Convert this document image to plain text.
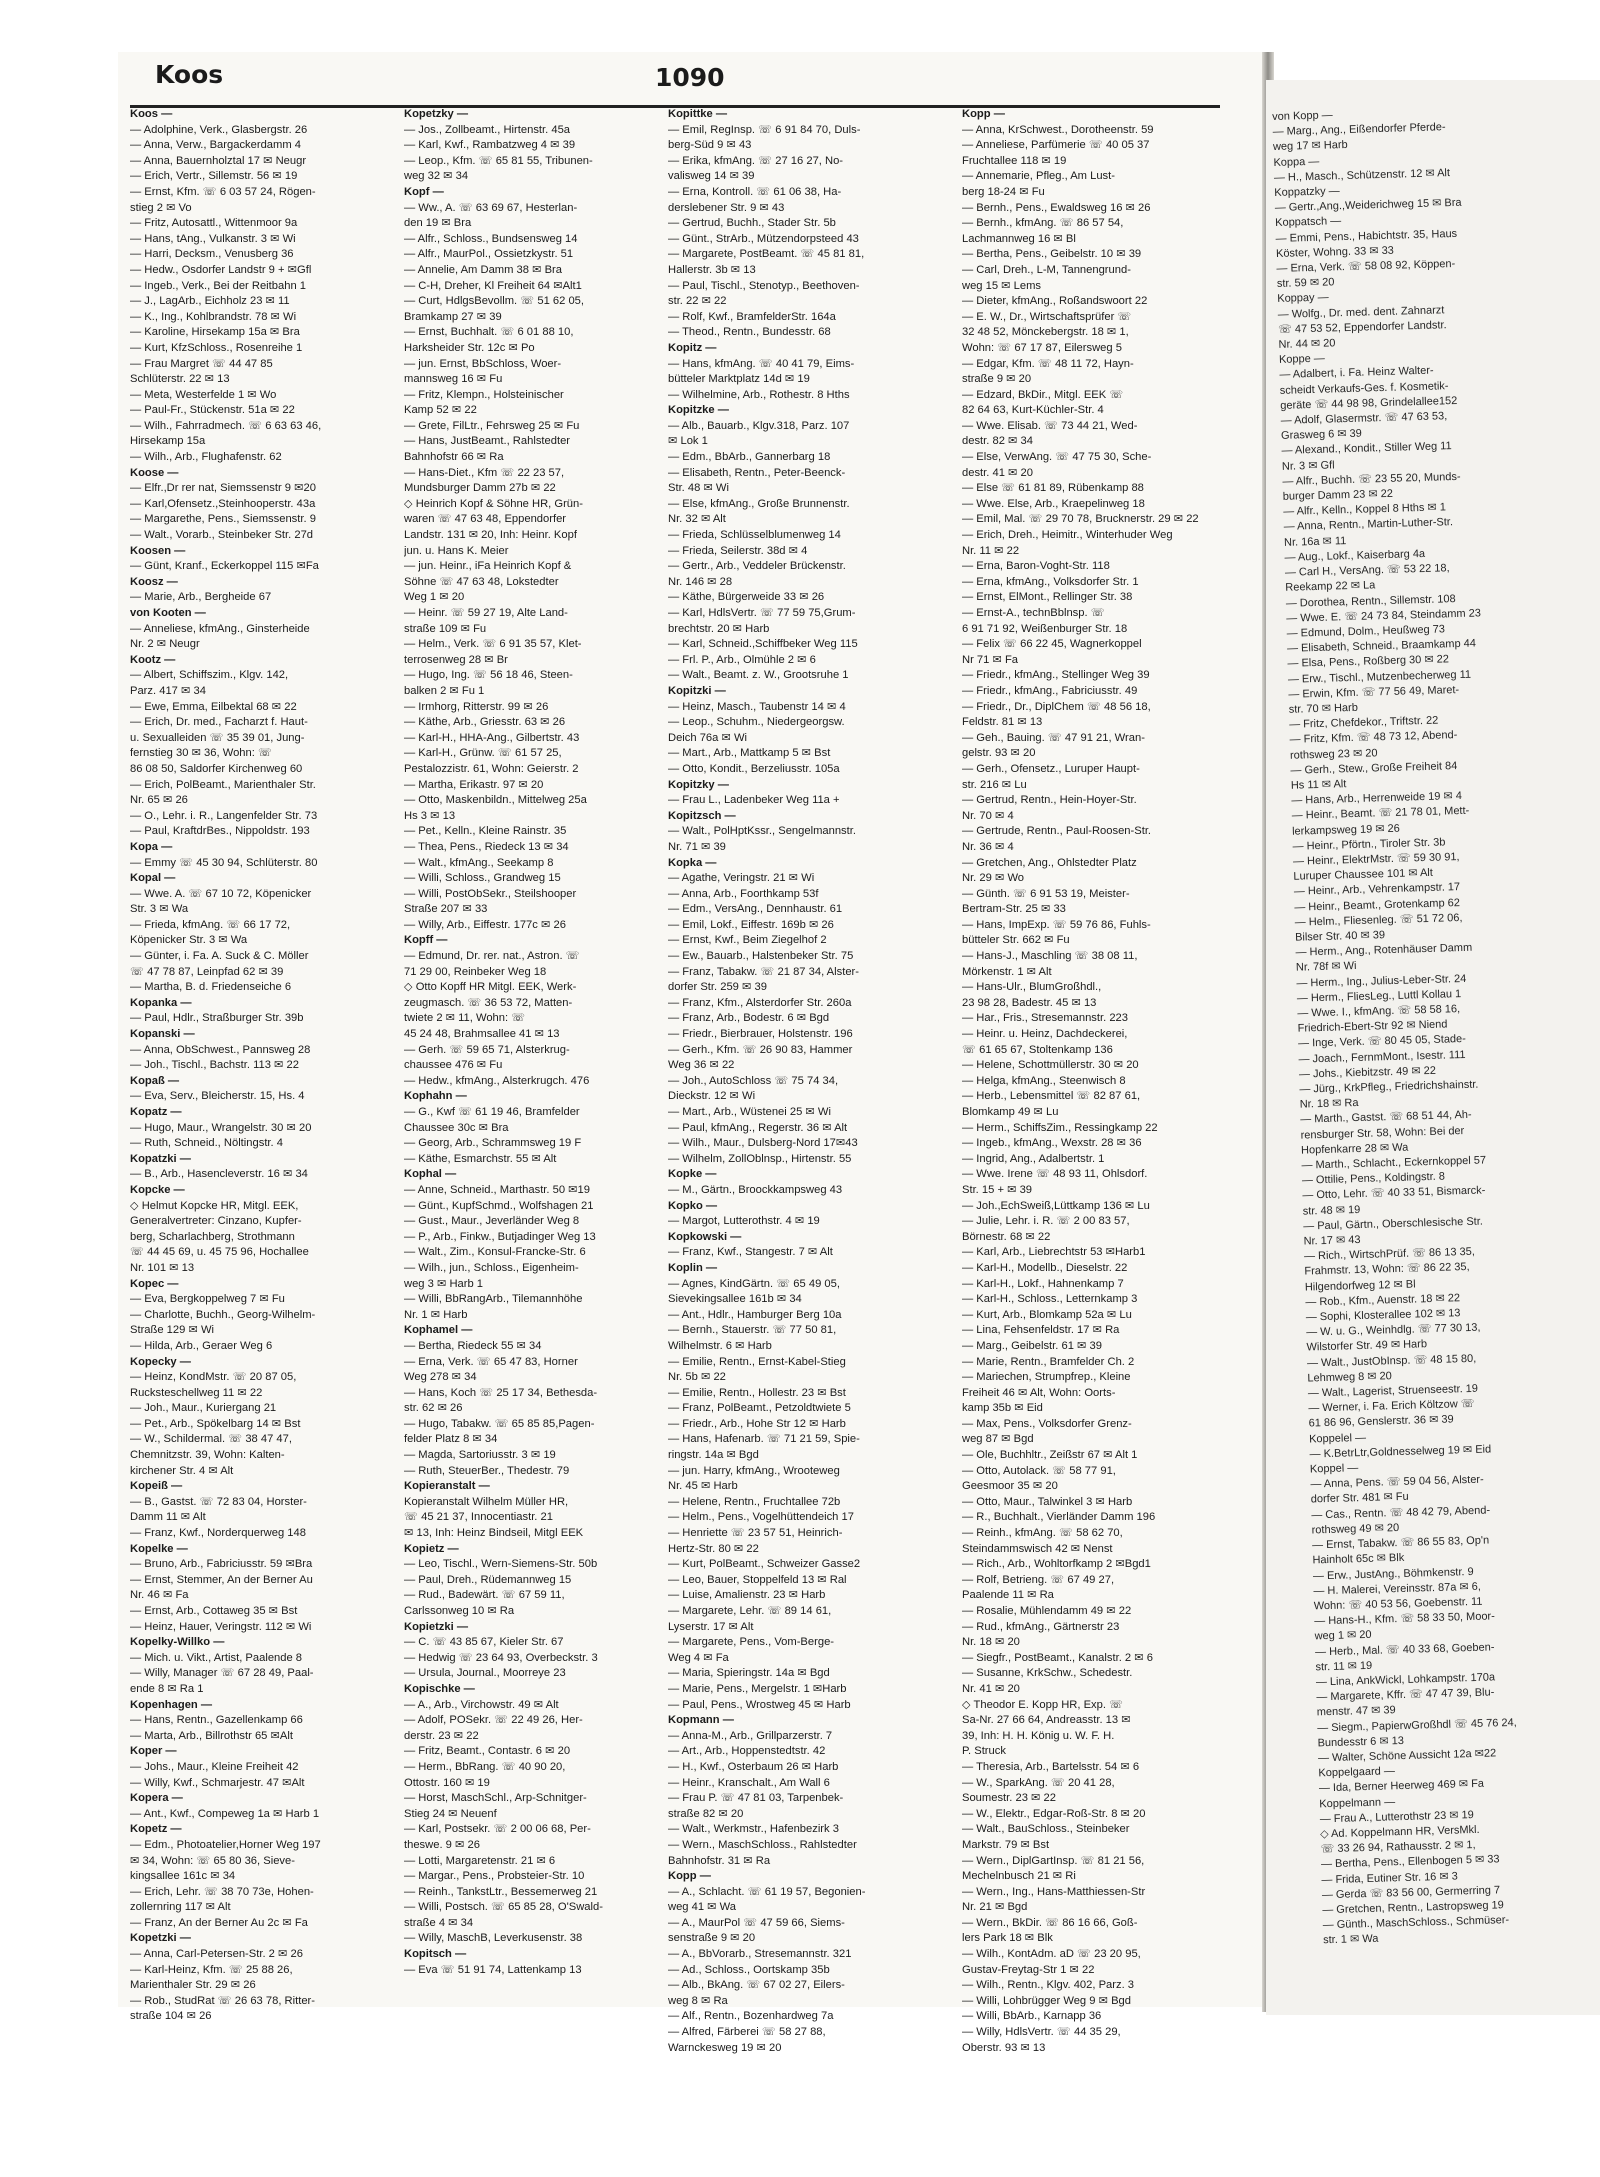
von Kopp —
— Marg., Ang., Eißendorfer Pferde-
weg 17 ✉ Harb
Koppa —
— H., Masch., Schützenstr. 12 ✉ Alt
Koppatzky —
— Gertr.,Ang.,Weiderichweg 15 ✉ Bra
Koppatsch —
— Emmi, Pens., Habichtstr. 35, Haus
Köster, Wohng. 33 ✉ 33
— Erna, Verk. ☏ 58 08 92, Köppen-
str. 59 ✉ 20
Koppay —
— Wolfg., Dr. med. dent. Zahnarzt
☏ 47 53 52, Eppendorfer Landstr.
Nr. 44 ✉ 20
Koppe —
— Adalbert, i. Fa. Heinz Walter-
scheidt Verkaufs-Ges. f. Kosmetik-
geräte ☏ 44 98 98, Grindelallee152
— Adolf, Glasermstr. ☏ 47 63 53,
Grasweg 6 ✉ 39
— Alexand., Kondit., Stiller Weg 11
Nr. 3 ✉ Gfl
— Alfr., Buchh. ☏ 23 55 20, Munds-
burger Damm 23 ✉ 22
— Alfr., Kelln., Koppel 8 Hths ✉ 1
— Anna, Rentn., Martin-Luther-Str.
Nr. 16a ✉ 11
— Aug., Lokf., Kaiserbarg 4a
— Carl H., VersAng. ☏ 53 22 18,
Reekamp 22 ✉ La
— Dorothea, Rentn., Sillemstr. 108
— Wwe. E. ☏ 24 73 84, Steindamm 23
— Edmund, Dolm., Heußweg 73
— Elisabeth, Schneid., Braamkamp 44
— Elsa, Pens., Roßberg 30 ✉ 22
— Erw., Tischl., Mutzenbecherweg 11
— Erwin, Kfm. ☏ 77 56 49, Maret-
str. 70 ✉ Harb
— Fritz, Chefdekor., Triftstr. 22
— Fritz, Kfm. ☏ 48 73 12, Abend-
rothsweg 23 ✉ 20
— Gerh., Stew., Große Freiheit 84
Hs 11 ✉ Alt
— Hans, Arb., Herrenweide 19 ✉ 4
— Heinr., Beamt. ☏ 21 78 01, Mett-
lerkampsweg 19 ✉ 26
— Heinr., Pförtn., Tiroler Str. 3b
— Heinr., ElektrMstr. ☏ 59 30 91,
Luruper Chaussee 101 ✉ Alt
— Heinr., Arb., Vehrenkampstr. 17
— Heinr., Beamt., Grotenkamp 62
— Helm., Fliesenleg. ☏ 51 72 06,
Bilser Str. 40 ✉ 39
— Herm., Ang., Rotenhäuser Damm
Nr. 78f ✉ Wi
— Herm., Ing., Julius-Leber-Str. 24
— Herm., FliesLeg., Luttl Kollau 1
— Wwe. I., kfmAng. ☏ 58 58 16,
Friedrich-Ebert-Str 92 ✉ Niend
— Inge, Verk. ☏ 80 45 05, Stade-
— Joach., FernmMont., Isestr. 111
— Johs., Kiebitzstr. 49 ✉ 22
— Jürg., KrkPfleg., Friedrichshainstr.
Nr. 18 ✉ Ra
— Marth., Gastst. ☏ 68 51 44, Ah-
rensburger Str. 58, Wohn: Bei der
Hopfenkarre 28 ✉ Wa
— Marth., Schlacht., Eckernkoppel 57
— Ottilie, Pens., Koldingstr. 8
— Otto, Lehr. ☏ 40 33 51, Bismarck-
str. 48 ✉ 19
— Paul, Gärtn., Oberschlesische Str.
Nr. 17 ✉ 43
— Rich., WirtschPrüf. ☏ 86 13 35,
Frahmstr. 13, Wohn: ☏ 86 22 35,
Hilgendorfweg 12 ✉ Bl
— Rob., Kfm., Auenstr. 18 ✉ 22
— Sophi, Klosterallee 102 ✉ 13
— W. u. G., Weinhdlg. ☏ 77 30 13,
Wilstorfer Str. 49 ✉ Harb
— Walt., JustObInsp. ☏ 48 15 80,
Lehmweg 8 ✉ 20
— Walt., Lagerist, Struenseestr. 19
— Werner, i. Fa. Erich Költzow ☏
61 86 96, Genslerstr. 36 ✉ 39
Koppelel —
— K.BetrLtr,Goldnesselweg 19 ✉ Eid
Koppel —
— Anna, Pens. ☏ 59 04 56, Alster-
dorfer Str. 481 ✉ Fu
— Cas., Rentn. ☏ 48 42 79, Abend-
rothsweg 49 ✉ 20
— Ernst, Tabakw. ☏ 86 55 83, Op'n
Hainholt 65c ✉ Blk
— Erw., JustAng., Böhmkenstr. 9
— H. Malerei, Vereinsstr. 87a ✉ 6,
Wohn: ☏ 40 53 56, Goebenstr. 11
— Hans-H., Kfm. ☏ 58 33 50, Moor-
weg 1 ✉ 20
— Herb., Mal. ☏ 40 33 68, Goeben-
str. 11 ✉ 19
— Lina, AnkWickl, Lohkampstr. 170a
— Margarete, Kffr. ☏ 47 47 39, Blu-
menstr. 47 ✉ 39
— Siegm., PapierwGroßhdl ☏ 45 76 24,
Bundesstr 6 ✉ 13
— Walter, Schöne Aussicht 12a ✉22
Koppelgaard —
— Ida, Berner Heerweg 469 ✉ Fa
Koppelmann —
— Frau A., Lutterothstr 23 ✉ 19
◇ Ad. Koppelmann HR, VersMkl.
☏ 33 26 94, Rathausstr. 2 ✉ 1,
— Bertha, Pens., Ellenbogen 5 ✉ 33
— Frida, Eutiner Str. 16 ✉ 3
— Gerda ☏ 83 56 00, Germerring 7
— Gretchen, Rentn., Lastropsweg 19
— Günth., MaschSchloss., Schmüser-
str. 1 ✉ Wa
Koos	1090
Koos —
— Adolphine, Verk., Glasbergstr. 26
— Anna, Verw., Bargackerdamm 4
— Anna, Bauernholztal 17 ✉ Neugr
— Erich, Vertr., Sillemstr. 56 ✉ 19
— Ernst, Kfm. ☏ 6 03 57 24, Rögen-
stieg 2 ✉ Vo
— Fritz, Autosattl., Wittenmoor 9a
— Hans, tAng., Vulkanstr. 3 ✉ Wi
— Harri, Decksm., Venusberg 36
— Hedw., Osdorfer Landstr 9 + ✉Gfl
— Ingeb., Verk., Bei der Reitbahn 1
— J., LagArb., Eichholz 23 ✉ 11
— K., Ing., Kohlbrandstr. 78 ✉ Wi
— Karoline, Hirsekamp 15a ✉ Bra
— Kurt, KfzSchloss., Rosenreihe 1
— Frau Margret ☏ 44 47 85
Schlüterstr. 22 ✉ 13
— Meta, Westerfelde 1 ✉ Wo
— Paul-Fr., Stückenstr. 51a ✉ 22
— Wilh., Fahrradmech. ☏ 6 63 63 46,
Hirsekamp 15a
— Wilh., Arb., Flughafenstr. 62
Koose —
— Elfr.,Dr rer nat, Siemssenstr 9 ✉20
— Karl,Ofensetz.,Steinhooperstr. 43a
— Margarethe, Pens., Siemssenstr. 9
— Walt., Vorarb., Steinbeker Str. 27d
Koosen —
— Günt, Kranf., Eckerkoppel 115 ✉Fa
Koosz —
— Marie, Arb., Bergheide 67
von Kooten —
— Anneliese, kfmAng., Ginsterheide
Nr. 2 ✉ Neugr
Kootz —
— Albert, Schiffszim., Klgv. 142,
Parz. 417 ✉ 34
— Ewe, Emma, Eilbektal 68 ✉ 22
— Erich, Dr. med., Facharzt f. Haut-
u. Sexualleiden ☏ 35 39 01, Jung-
fernstieg 30 ✉ 36, Wohn: ☏
86 08 50, Saldorfer Kirchenweg 60
— Erich, PolBeamt., Marienthaler Str.
Nr. 65 ✉ 26
— O., Lehr. i. R., Langenfelder Str. 73
— Paul, KraftdrBes., Nippoldstr. 193
Kopa —
— Emmy ☏ 45 30 94, Schlüterstr. 80
Kopal —
— Wwe. A. ☏ 67 10 72, Köpenicker
Str. 3 ✉ Wa
— Frieda, kfmAng. ☏ 66 17 72,
Köpenicker Str. 3 ✉ Wa
— Günter, i. Fa. A. Suck & C. Möller
☏ 47 78 87, Leinpfad 62 ✉ 39
— Martha, B. d. Friedenseiche 6
Kopanka —
— Paul, Hdlr., Straßburger Str. 39b
Kopanski —
— Anna, ObSchwest., Pannsweg 28
— Joh., Tischl., Bachstr. 113 ✉ 22
Kopaß —
— Eva, Serv., Bleicherstr. 15, Hs. 4
Kopatz —
— Hugo, Maur., Wrangelstr. 30 ✉ 20
— Ruth, Schneid., Nöltingstr. 4
Kopatzki —
— B., Arb., Hasencleverstr. 16 ✉ 34
Kopcke —
◇ Helmut Kopcke HR, Mitgl. EEK,
Generalvertreter: Cinzano, Kupfer-
berg, Scharlachberg, Strothmann
☏ 44 45 69, u. 45 75 96, Hochallee
Nr. 101 ✉ 13
Kopec —
— Eva, Bergkoppelweg 7 ✉ Fu
— Charlotte, Buchh., Georg-Wilhelm-
Straße 129 ✉ Wi
— Hilda, Arb., Geraer Weg 6
Kopecky —
— Heinz, KondMstr. ☏ 20 87 05,
Rucksteschellweg 11 ✉ 22
— Joh., Maur., Kuriergang 21
— Pet., Arb., Spökelbarg 14 ✉ Bst
— W., Schildermal. ☏ 38 47 47,
Chemnitzstr. 39, Wohn: Kalten-
kirchener Str. 4 ✉ Alt
Kopeiß —
— B., Gastst. ☏ 72 83 04, Horster-
Damm 11 ✉ Alt
— Franz, Kwf., Norderquerweg 148
Kopelke —
— Bruno, Arb., Fabriciusstr. 59 ✉Bra
— Ernst, Stemmer, An der Berner Au
Nr. 46 ✉ Fa
— Ernst, Arb., Cottaweg 35 ✉ Bst
— Heinz, Hauer, Veringstr. 112 ✉ Wi
Kopelky-Willko —
— Mich. u. Vikt., Artist, Paalende 8
— Willy, Manager ☏ 67 28 49, Paal-
ende 8 ✉ Ra 1
Kopenhagen —
— Hans, Rentn., Gazellenkamp 66
— Marta, Arb., Billrothstr 65 ✉Alt
Koper —
— Johs., Maur., Kleine Freiheit 42
— Willy, Kwf., Schmarjestr. 47 ✉Alt
Kopera —
— Ant., Kwf., Compeweg 1a ✉ Harb 1
Kopetz —
— Edm., Photoatelier,Horner Weg 197
✉ 34, Wohn: ☏ 65 80 36, Sieve-
kingsallee 161c ✉ 34
— Erich, Lehr. ☏ 38 70 73e, Hohen-
zollernring 117 ✉ Alt
— Franz, An der Berner Au 2c ✉ Fa
Kopetzki —
— Anna, Carl-Petersen-Str. 2 ✉ 26
— Karl-Heinz, Kfm. ☏ 25 88 26,
Marienthaler Str. 29 ✉ 26
— Rob., StudRat ☏ 26 63 78, Ritter-
straße 104 ✉ 26
Kopetzky —
— Jos., Zollbeamt., Hirtenstr. 45a
— Karl, Kwf., Rambatzweg 4 ✉ 39
— Leop., Kfm. ☏ 65 81 55, Tribunen-
weg 32 ✉ 34
Kopf —
— Ww., A. ☏ 63 69 67, Hesterlan-
den 19 ✉ Bra
— Alfr., Schloss., Bundsensweg 14
— Alfr., MaurPol., Ossietzkystr. 51
— Annelie, Am Damm 38 ✉ Bra
— C-H, Dreher, Kl Freiheit 64 ✉Alt1
— Curt, HdlgsBevollm. ☏ 51 62 05,
Bramkamp 27 ✉ 39
— Ernst, Buchhalt. ☏ 6 01 88 10,
Harksheider Str. 12c ✉ Po
— jun. Ernst, BbSchloss, Woer-
mannsweg 16 ✉ Fu
— Fritz, Klempn., Holsteinischer
Kamp 52 ✉ 22
— Grete, FilLtr., Fehrsweg 25 ✉ Fu
— Hans, JustBeamt., Rahlstedter
Bahnhofstr 66 ✉ Ra
— Hans-Diet., Kfm ☏ 22 23 57,
Mundsburger Damm 27b ✉ 22
◇ Heinrich Kopf & Söhne HR, Grün-
waren ☏ 47 63 48, Eppendorfer
Landstr. 131 ✉ 20, Inh: Heinr. Kopf
jun. u. Hans K. Meier
— jun. Heinr., iFa Heinrich Kopf &
Söhne ☏ 47 63 48, Lokstedter
Weg 1 ✉ 20
— Heinr. ☏ 59 27 19, Alte Land-
straße 109 ✉ Fu
— Helm., Verk. ☏ 6 91 35 57, Klet-
terrosenweg 28 ✉ Br
— Hugo, Ing. ☏ 56 18 46, Steen-
balken 2 ✉ Fu 1
— Irmhorg, Ritterstr. 99 ✉ 26
— Käthe, Arb., Griesstr. 63 ✉ 26
— Karl-H., HHA-Ang., Gilbertstr. 43
— Karl-H., Grünw. ☏ 61 57 25,
Pestalozzistr. 61, Wohn: Geierstr. 2
— Martha, Erikastr. 97 ✉ 20
— Otto, Maskenbildn., Mittelweg 25a
Hs 3 ✉ 13
— Pet., Kelln., Kleine Rainstr. 35
— Thea, Pens., Riedeck 13 ✉ 34
— Walt., kfmAng., Seekamp 8
— Willi, Schloss., Grandweg 15
— Willi, PostObSekr., Steilshooper
Straße 207 ✉ 33
— Willy, Arb., Eiffestr. 177c ✉ 26
Kopff —
— Edmund, Dr. rer. nat., Astron. ☏
71 29 00, Reinbeker Weg 18
◇ Otto Kopff HR Mitgl. EEK, Werk-
zeugmasch. ☏ 36 53 72, Matten-
twiete 2 ✉ 11, Wohn: ☏
45 24 48, Brahmsallee 41 ✉ 13
— Gerh. ☏ 59 65 71, Alsterkrug-
chaussee 476 ✉ Fu
— Hedw., kfmAng., Alsterkrugch. 476
Kophahn —
— G., Kwf ☏ 61 19 46, Bramfelder
Chaussee 30c ✉ Bra
— Georg, Arb., Schrammsweg 19 F
— Käthe, Esmarchstr. 55 ✉ Alt
Kophal —
— Anne, Schneid., Marthastr. 50 ✉19
— Günt., KupfSchmd., Wolfshagen 21
— Gust., Maur., Jeverländer Weg 8
— P., Arb., Finkw., Butjadinger Weg 13
— Walt., Zim., Konsul-Francke-Str. 6
— Wilh., jun., Schloss., Eigenheim-
weg 3 ✉ Harb 1
— Willi, BbRangArb., Tilemannhöhe
Nr. 1 ✉ Harb
Kophamel —
— Bertha, Riedeck 55 ✉ 34
— Erna, Verk. ☏ 65 47 83, Horner
Weg 278 ✉ 34
— Hans, Koch ☏ 25 17 34, Bethesda-
str. 62 ✉ 26
— Hugo, Tabakw. ☏ 65 85 85,Pagen-
felder Platz 8 ✉ 34
— Magda, Sartoriusstr. 3 ✉ 19
— Ruth, SteuerBer., Thedestr. 79
Kopieranstalt —
Kopieranstalt Wilhelm Müller HR,
☏ 45 21 37, Innocentiastr. 21
✉ 13, Inh: Heinz Bindseil, Mitgl EEK
Kopietz —
— Leo, Tischl., Wern-Siemens-Str. 50b
— Paul, Dreh., Rüdemannweg 15
— Rud., Badewärt. ☏ 67 59 11,
Carlssonweg 10 ✉ Ra
Kopietzki —
— C. ☏ 43 85 67, Kieler Str. 67
— Hedwig ☏ 23 64 93, Overbeckstr. 3
— Ursula, Journal., Moorreye 23
Kopischke —
— A., Arb., Virchowstr. 49 ✉ Alt
— Adolf, POSekr. ☏ 22 49 26, Her-
derstr. 23 ✉ 22
— Fritz, Beamt., Contastr. 6 ✉ 20
— Herm., BbRang. ☏ 40 90 20,
Ottostr. 160 ✉ 19
— Horst, MaschSchl., Arp-Schnitger-
Stieg 24 ✉ Neuenf
— Karl, Postsekr. ☏ 2 00 06 68, Per-
theswe. 9 ✉ 26
— Lotti, Margaretenstr. 21 ✉ 6
— Margar., Pens., Probsteier-Str. 10
— Reinh., TankstLtr., Bessemerweg 21
— Willi, Postsch. ☏ 65 85 28, O'Swald-
straße 4 ✉ 34
— Willy, MaschB, Leverkusenstr. 38
Kopitsch —
— Eva ☏ 51 91 74, Lattenkamp 13
Kopittke —
— Emil, RegInsp. ☏ 6 91 84 70, Duls-
berg-Süd 9 ✉ 43
— Erika, kfmAng. ☏ 27 16 27, No-
valisweg 14 ✉ 39
— Erna, Kontroll. ☏ 61 06 38, Ha-
derslebener Str. 9 ✉ 43
— Gertrud, Buchh., Stader Str. 5b
— Günt., StrArb., Mützendorpsteed 43
— Margarete, PostBeamt. ☏ 45 81 81,
Hallerstr. 3b ✉ 13
— Paul, Tischl., Stenotyp., Beethoven-
str. 22 ✉ 22
— Rolf, Kwf., BramfelderStr. 164a
— Theod., Rentn., Bundesstr. 68
Kopitz —
— Hans, kfmAng. ☏ 40 41 79, Eims-
bütteler Marktplatz 14d ✉ 19
— Wilhelmine, Arb., Rothestr. 8 Hths
Kopitzke —
— Alb., Bauarb., Klgv.318, Parz. 107
✉ Lok 1
— Edm., BbArb., Gannerbarg 18
— Elisabeth, Rentn., Peter-Beenck-
Str. 48 ✉ Wi
— Else, kfmAng., Große Brunnenstr.
Nr. 32 ✉ Alt
— Frieda, Schlüsselblumenweg 14
— Frieda, Seilerstr. 38d ✉ 4
— Gertr., Arb., Veddeler Brückenstr.
Nr. 146 ✉ 28
— Käthe, Bürgerweide 33 ✉ 26
— Karl, HdlsVertr. ☏ 77 59 75,Grum-
brechtstr. 20 ✉ Harb
— Karl, Schneid.,Schiffbeker Weg 115
— Frl. P., Arb., Olmühle 2 ✉ 6
— Walt., Beamt. z. W., Grootsruhe 1
Kopitzki —
— Heinz, Masch., Taubenstr 14 ✉ 4
— Leop., Schuhm., Niedergeorgsw.
Deich 76a ✉ Wi
— Mart., Arb., Mattkamp 5 ✉ Bst
— Otto, Kondit., Berzeliusstr. 105a
Kopitzky —
— Frau L., Ladenbeker Weg 11a +
Kopitzsch —
— Walt., PolHptKssr., Sengelmannstr.
Nr. 71 ✉ 39
Kopka —
— Agathe, Veringstr. 21 ✉ Wi
— Anna, Arb., Foorthkamp 53f
— Edm., VersAng., Dennhaustr. 61
— Emil, Lokf., Eiffestr. 169b ✉ 26
— Ernst, Kwf., Beim Ziegelhof 2
— Ew., Bauarb., Halstenbeker Str. 75
— Franz, Tabakw. ☏ 21 87 34, Alster-
dorfer Str. 259 ✉ 39
— Franz, Kfm., Alsterdorfer Str. 260a
— Franz, Arb., Bodestr. 6 ✉ Bgd
— Friedr., Bierbrauer, Holstenstr. 196
— Gerh., Kfm. ☏ 26 90 83, Hammer
Weg 36 ✉ 22
— Joh., AutoSchloss ☏ 75 74 34,
Dieckstr. 12 ✉ Wi
— Mart., Arb., Wüstenei 25 ✉ Wi
— Paul, kfmAng., Regerstr. 36 ✉ Alt
— Wilh., Maur., Dulsberg-Nord 17✉43
— Wilhelm, ZollOblnsp., Hirtenstr. 55
Kopke —
— M., Gärtn., Broockkampsweg 43
Kopko —
— Margot, Lutterothstr. 4 ✉ 19
Kopkowski —
— Franz, Kwf., Stangestr. 7 ✉ Alt
Koplin —
— Agnes, KindGärtn. ☏ 65 49 05,
Sievekingsallee 161b ✉ 34
— Ant., Hdlr., Hamburger Berg 10a
— Bernh., Stauerstr. ☏ 77 50 81,
Wilhelmstr. 6 ✉ Harb
— Emilie, Rentn., Ernst-Kabel-Stieg
Nr. 5b ✉ 22
— Emilie, Rentn., Hollestr. 23 ✉ Bst
— Franz, PolBeamt., Petzoldtwiete 5
— Friedr., Arb., Hohe Str 12 ✉ Harb
— Hans, Hafenarb. ☏ 71 21 59, Spie-
ringstr. 14a ✉ Bgd
— jun. Harry, kfmAng., Wrooteweg
Nr. 45 ✉ Harb
— Helene, Rentn., Fruchtallee 72b
— Helm., Pens., Vogelhüttendeich 17
— Henriette ☏ 23 57 51, Heinrich-
Hertz-Str. 80 ✉ 22
— Kurt, PolBeamt., Schweizer Gasse2
— Leo, Bauer, Stoppelfeld 13 ✉ Ral
— Luise, Amalienstr. 23 ✉ Harb
— Margarete, Lehr. ☏ 89 14 61,
Lyserstr. 17 ✉ Alt
— Margarete, Pens., Vom-Berge-
Weg 4 ✉ Fa
— Maria, Spieringstr. 14a ✉ Bgd
— Marie, Pens., Mergelstr. 1 ✉Harb
— Paul, Pens., Wrostweg 45 ✉ Harb
Kopmann —
— Anna-M., Arb., Grillparzerstr. 7
— Art., Arb., Hoppenstedtstr. 42
— H., Kwf., Osterbaum 26 ✉ Harb
— Heinr., Kranschalt., Am Wall 6
— Frau P. ☏ 47 81 03, Tarpenbek-
straße 82 ✉ 20
— Walt., Werkmstr., Hafenbezirk 3
— Wern., MaschSchloss., Rahlstedter
Bahnhofstr. 31 ✉ Ra
Kopp —
— A., Schlacht. ☏ 61 19 57, Begonien-
weg 41 ✉ Wa
— A., MaurPol ☏ 47 59 66, Siems-
senstraße 9 ✉ 20
— A., BbVorarb., Stresemannstr. 321
— Ad., Schloss., Oortskamp 35b
— Alb., BkAng. ☏ 67 02 27, Eilers-
weg 8 ✉ Ra
— Alf., Rentn., Bozenhardweg 7a
— Alfred, Färberei ☏ 58 27 88,
Warnckesweg 19 ✉ 20
Kopp —
— Anna, KrSchwest., Dorotheenstr. 59
— Anneliese, Parfümerie ☏ 40 05 37
Fruchtallee 118 ✉ 19
— Annemarie, Pfleg., Am Lust-
berg 18-24 ✉ Fu
— Bernh., Pens., Ewaldsweg 16 ✉ 26
— Bernh., kfmAng. ☏ 86 57 54,
Lachmannweg 16 ✉ Bl
— Bertha, Pens., Geibelstr. 10 ✉ 39
— Carl, Dreh., L-M, Tannengrund-
weg 15 ✉ Lems
— Dieter, kfmAng., Roßandswoort 22
— E. W., Dr., Wirtschaftsprüfer ☏
32 48 52, Mönckebergstr. 18 ✉ 1,
Wohn: ☏ 67 17 87, Eilersweg 5
— Edgar, Kfm. ☏ 48 11 72, Hayn-
straße 9 ✉ 20
— Edzard, BkDir., Mitgl. EEK ☏
82 64 63, Kurt-Küchler-Str. 4
— Wwe. Elisab. ☏ 73 44 21, Wed-
destr. 82 ✉ 34
— Else, VerwAng. ☏ 47 75 30, Sche-
destr. 41 ✉ 20
— Else ☏ 61 81 89, Rübenkamp 88
— Wwe. Else, Arb., Kraepelinweg 18
— Emil, Mal. ☏ 29 70 78, Brucknerstr. 29 ✉ 22
— Erich, Dreh., Heimitr., Winterhuder Weg
Nr. 11 ✉ 22
— Erna, Baron-Voght-Str. 118
— Erna, kfmAng., Volksdorfer Str. 1
— Ernst, ElMont., Rellinger Str. 38
— Ernst-A., technBblnsp. ☏
6 91 71 92, Weißenburger Str. 18
— Felix ☏ 66 22 45, Wagnerkoppel
Nr 71 ✉ Fa
— Friedr., kfmAng., Stellinger Weg 39
— Friedr., kfmAng., Fabriciusstr. 49
— Friedr., Dr., DiplChem ☏ 48 56 18,
Feldstr. 81 ✉ 13
— Geh., Bauing. ☏ 47 91 21, Wran-
gelstr. 93 ✉ 20
— Gerh., Ofensetz., Luruper Haupt-
str. 216 ✉ Lu
— Gertrud, Rentn., Hein-Hoyer-Str.
Nr. 70 ✉ 4
— Gertrude, Rentn., Paul-Roosen-Str.
Nr. 36 ✉ 4
— Gretchen, Ang., Ohlstedter Platz
Nr. 29 ✉ Wo
— Günth. ☏ 6 91 53 19, Meister-
Bertram-Str. 25 ✉ 33
— Hans, ImpExp. ☏ 59 76 86, Fuhls-
bütteler Str. 662 ✉ Fu
— Hans-J., Maschling ☏ 38 08 11,
Mörkenstr. 1 ✉ Alt
— Hans-Ulr., BlumGroßhdl.,
23 98 28, Badestr. 45 ✉ 13
— Har., Fris., Stresemannstr. 223
— Heinr. u. Heinz, Dachdeckerei,
☏ 61 65 67, Stoltenkamp 136
— Helene, Schottmüllerstr. 30 ✉ 20
— Helga, kfmAng., Steenwisch 8
— Herb., Lebensmittel ☏ 82 87 61,
Blomkamp 49 ✉ Lu
— Herm., SchiffsZim., Ressingkamp 22
— Ingeb., kfmAng., Wexstr. 28 ✉ 36
— Ingrid, Ang., Adalbertstr. 1
— Wwe. Irene ☏ 48 93 11, Ohlsdorf.
Str. 15 + ✉ 39
— Joh.,EchSweiß,Lüttkamp 136 ✉ Lu
— Julie, Lehr. i. R. ☏ 2 00 83 57,
Börnestr. 68 ✉ 22
— Karl, Arb., Liebrechtstr 53 ✉Harb1
— Karl-H., Modellb., Dieselstr. 22
— Karl-H., Lokf., Hahnenkamp 7
— Karl-H., Schloss., Letternkamp 3
— Kurt, Arb., Blomkamp 52a ✉ Lu
— Lina, Fehsenfeldstr. 17 ✉ Ra
— Marg., Geibelstr. 61 ✉ 39
— Marie, Rentn., Bramfelder Ch. 2
— Mariechen, Strumpfrep., Kleine
Freiheit 46 ✉ Alt, Wohn: Oorts-
kamp 35b ✉ Eid
— Max, Pens., Volksdorfer Grenz-
weg 87 ✉ Bgd
— Ole, Buchhltr., Zeißstr 67 ✉ Alt 1
— Otto, Autolack. ☏ 58 77 91,
Geesmoor 35 ✉ 20
— Otto, Maur., Talwinkel 3 ✉ Harb
— R., Buchhalt., Vierländer Damm 196
— Reinh., kfmAng. ☏ 58 62 70,
Steindammswisch 42 ✉ Nenst
— Rich., Arb., Wohltorfkamp 2 ✉Bgd1
— Rolf, Betrieng. ☏ 67 49 27,
Paalende 11 ✉ Ra
— Rosalie, Mühlendamm 49 ✉ 22
— Rud., kfmAng., Gärtnerstr 23
Nr. 18 ✉ 20
— Siegfr., PostBeamt., Kanalstr. 2 ✉ 6
— Susanne, KrkSchw., Schedestr.
Nr. 41 ✉ 20
◇ Theodor E. Kopp HR, Exp. ☏
Sa-Nr. 27 66 64, Andreasstr. 13 ✉
39, Inh: H. H. König u. W. F. H.
P. Struck
— Theresia, Arb., Bartelsstr. 54 ✉ 6
— W., SparkAng. ☏ 20 41 28,
Soumestr. 23 ✉ 22
— W., Elektr., Edgar-Roß-Str. 8 ✉ 20
— Walt., BauSchloss., Steinbeker
Markstr. 79 ✉ Bst
— Wern., DiplGartInsp. ☏ 81 21 56,
Mechelnbusch 21 ✉ Ri
— Wern., Ing., Hans-Matthiessen-Str
Nr. 21 ✉ Bgd
— Wern., BkDir. ☏ 86 16 66, Goß-
lers Park 18 ✉ Blk
— Wilh., KontAdm. aD ☏ 23 20 95,
Gustav-Freytag-Str 1 ✉ 22
— Wilh., Rentn., Klgv. 402, Parz. 3
— Willi, Lohbrügger Weg 9 ✉ Bgd
— Willi, BbArb., Karnapp 36
— Willy, HdlsVertr. ☏ 44 35 29,
Oberstr. 93 ✉ 13
